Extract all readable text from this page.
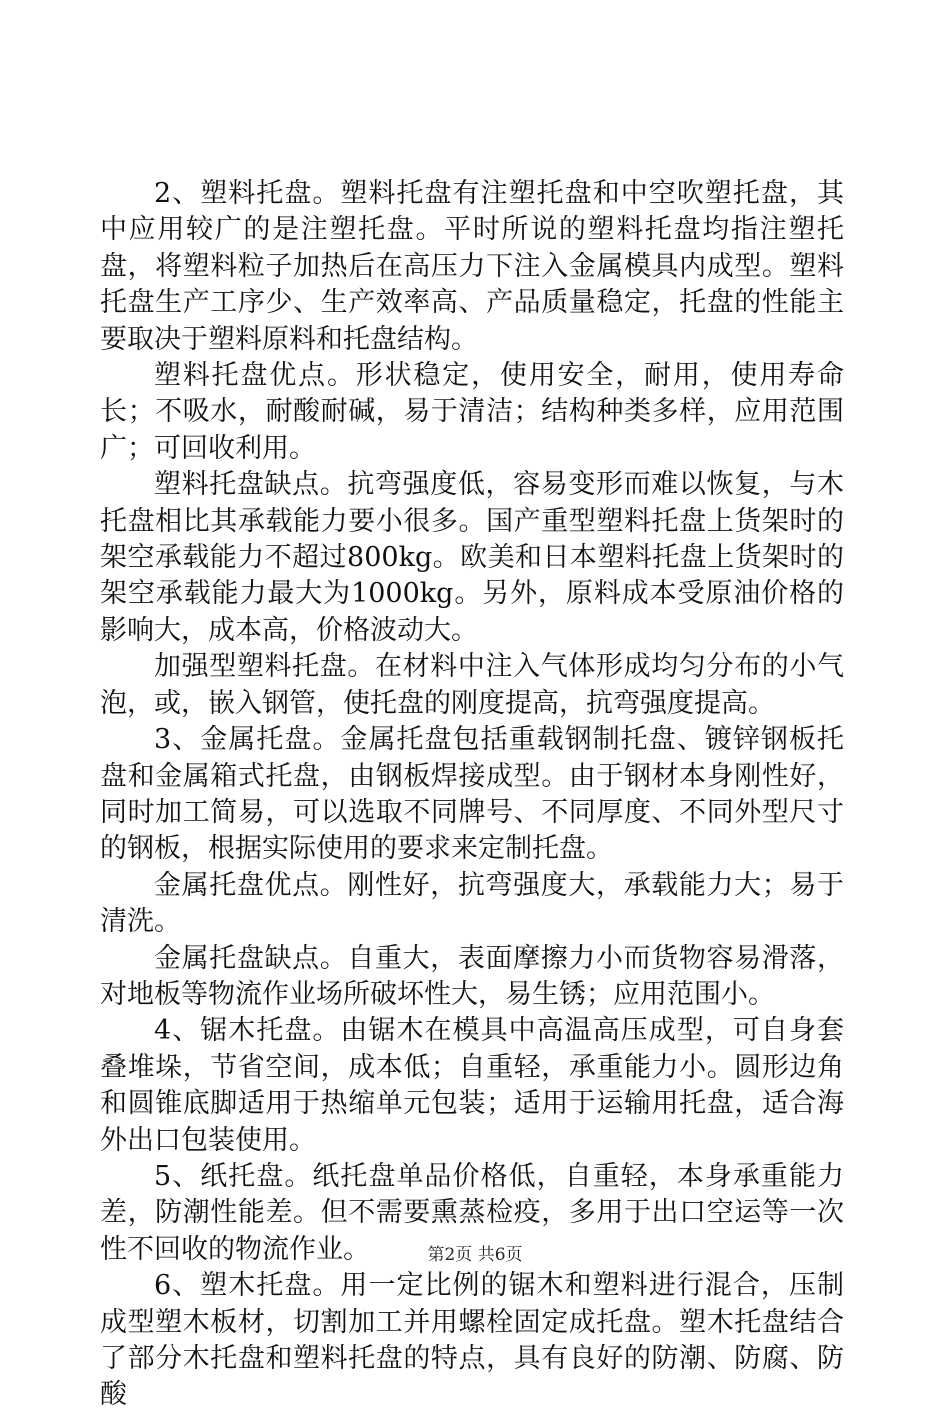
2、塑料托盘。塑料托盘有注塑托盘和中空吹塑托盘，其中应用较广的是注塑托盘。平时所说的塑料托盘均指注塑托盘，将塑料粒子加热后在高压力下注入金属模具内成型。塑料托盘生产工序少、生产效率高、产品质量稳定，托盘的性能主要取决于塑料原料和托盘结构。

塑料托盘优点。形状稳定，使用安全，耐用，使用寿命长；不吸水，耐酸耐碱，易于清洁；结构种类多样，应用范围广；可回收利用。

塑料托盘缺点。抗弯强度低，容易变形而难以恢复，与木托盘相比其承载能力要小很多。国产重型塑料托盘上货架时的架空承载能力不超过800kg。欧美和日本塑料托盘上货架时的架空承载能力最大为1000kg。另外，原料成本受原油价格的影响大，成本高，价格波动大。

加强型塑料托盘。在材料中注入气体形成均匀分布的小气泡，或，嵌入钢管，使托盘的刚度提高，抗弯强度提高。

3、金属托盘。金属托盘包括重载钢制托盘、镀锌钢板托盘和金属箱式托盘，由钢板焊接成型。由于钢材本身刚性好，同时加工简易，可以选取不同牌号、不同厚度、不同外型尺寸的钢板，根据实际使用的要求来定制托盘。

金属托盘优点。刚性好，抗弯强度大，承载能力大；易于清洗。

金属托盘缺点。自重大，表面摩擦力小而货物容易滑落，对地板等物流作业场所破坏性大，易生锈；应用范围小。

4、锯木托盘。由锯木在模具中高温高压成型，可自身套叠堆垛，节省空间，成本低；自重轻，承重能力小。圆形边角和圆锥底脚适用于热缩单元包装；适用于运输用托盘，适合海外出口包装使用。

5、纸托盘。纸托盘单品价格低，自重轻，本身承重能力差，防潮性能差。但不需要熏蒸检疫，多用于出口空运等一次性不回收的物流作业。

6、塑木托盘。用一定比例的锯木和塑料进行混合，压制成型塑木板材，切割加工并用螺栓固定成托盘。塑木托盘结合了部分木托盘和塑料托盘的特点，具有良好的防潮、防腐、防酸

第2页 共6页
